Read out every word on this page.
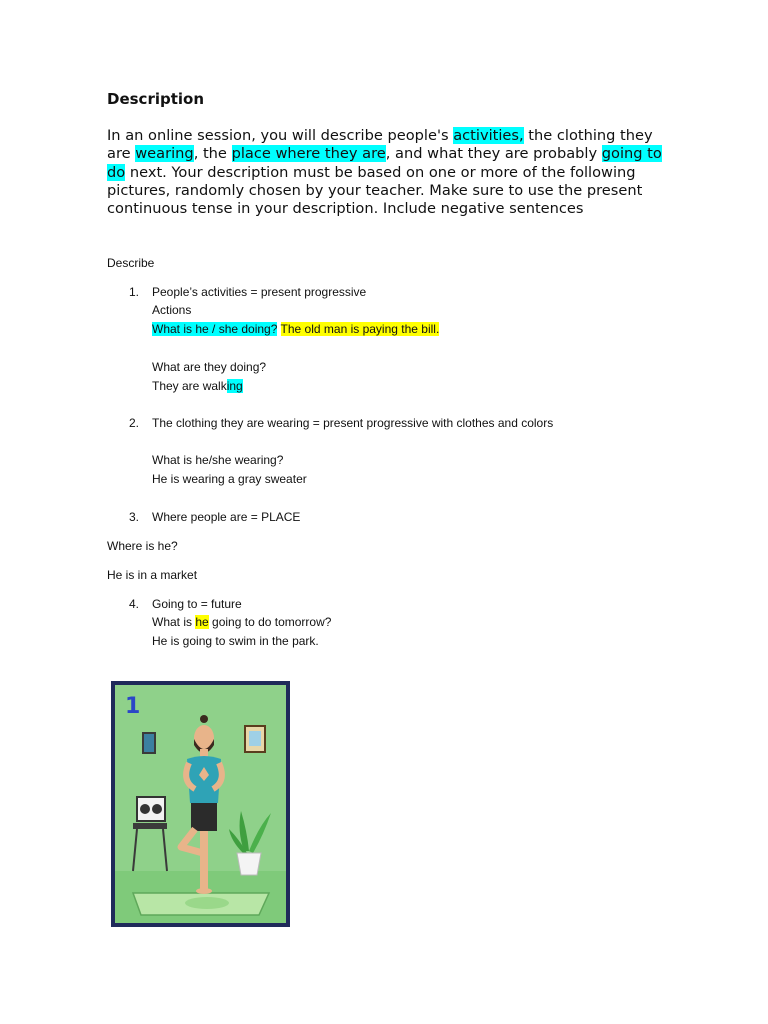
Description

In an online session, you will describe people's activities, the clothing they are wearing, the place where they are, and what they are probably going to do next. Your description must be based on one or more of the following pictures, randomly chosen by your teacher. Make sure to use the present continuous tense in your description. Include negative sentences

Describe
1. People’s activities = present progressive
Actions
What is he / she doing? The old man is paying the bill.
What are they doing?
They are walking
2. The clothing they are wearing = present progressive with clothes and colors
What is he/she wearing?
He is wearing a gray sweater
3. Where people are = PLACE
Where is he?
He is in a market
4. Going to = future
What is he going to do tomorrow?
He is going to swim in the park.
1
